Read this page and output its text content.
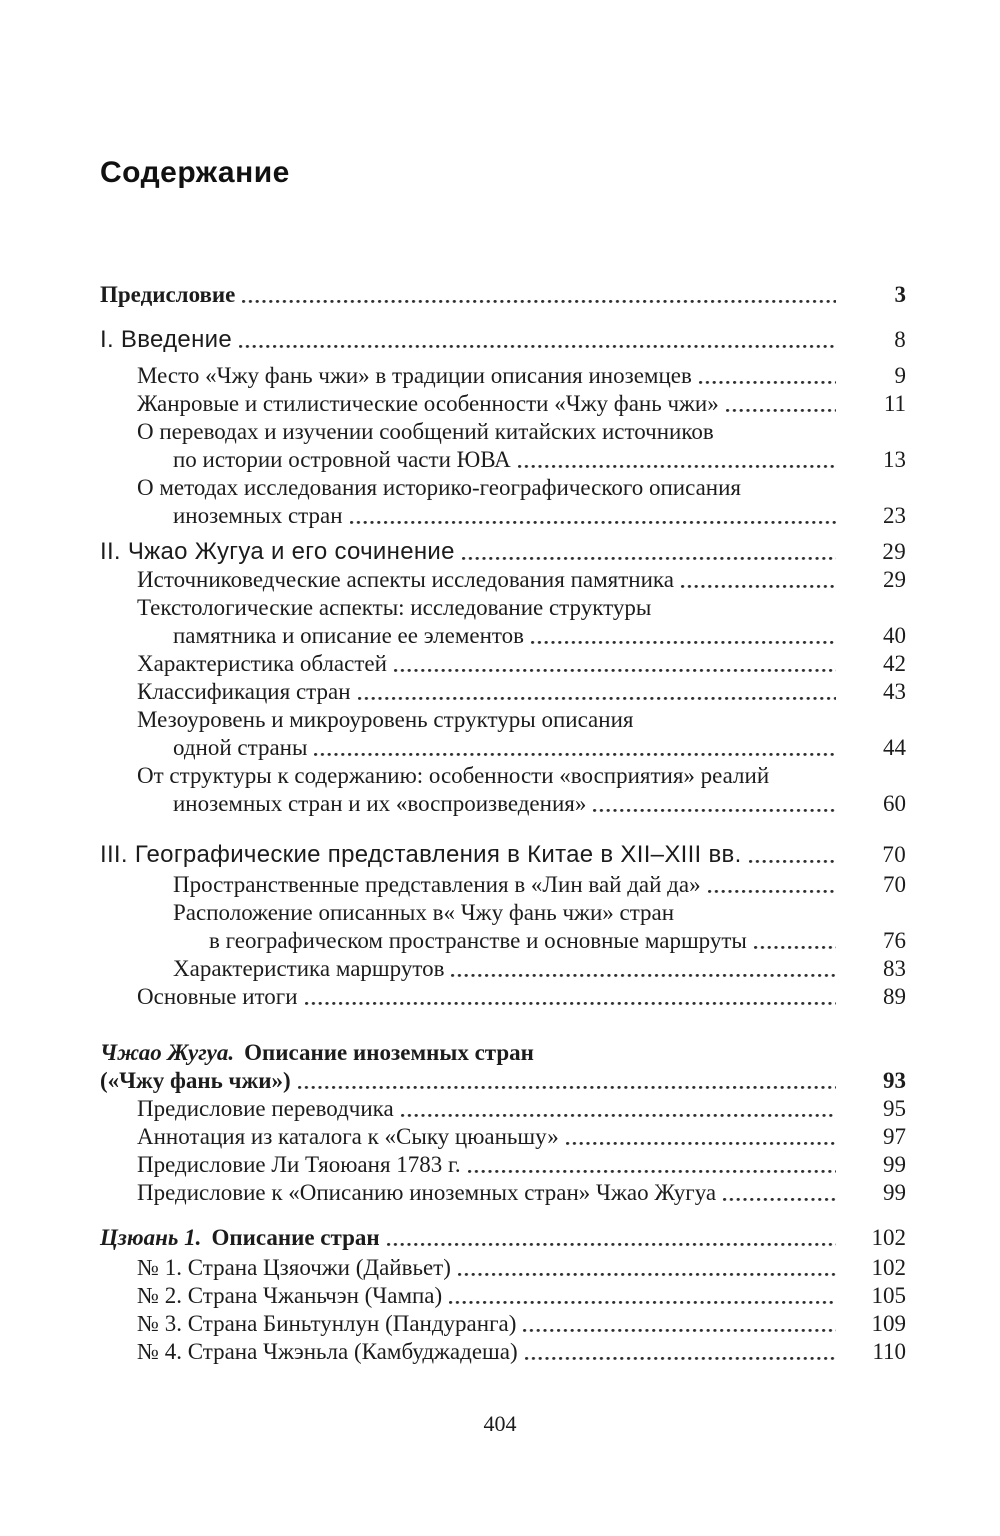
Содержание
Предисловие	3
I. Введение	8
Место «Чжу фань чжи» в традиции описания иноземцев	9
Жанровые и стилистические особенности «Чжу фань чжи»	11
О переводах и изучении сообщений китайских источников
по истории островной части ЮВА	13
О методах исследования историко-географического описания
иноземных стран	23
II. Чжао Жугуа и его сочинение	29
Источниковедческие аспекты исследования памятника	29
Текстологические аспекты: исследование структуры
памятника и описание ее элементов	40
Характеристика областей	42
Классификация стран	43
Мезоуровень и микроуровень структуры описания
одной страны	44
От структуры к содержанию: особенности «восприятия» реалий
иноземных стран и их «воспроизведения»	60
III. Географические представления в Китае в XII–XIII вв.	70
Пространственные представления в «Лин вай дай да»	70
Расположение описанных в« Чжу фань чжи» стран
в географическом пространстве и основные маршруты	76
Характеристика маршрутов	83
Основные итоги	89
Чжао Жугуа. Описание иноземных стран
(«Чжу фань чжи»)	93
Предисловие переводчика	95
Аннотация из каталога к «Сыку цюаньшу»	97
Предисловие Ли Тяоюаня 1783 г.	99
Предисловие к «Описанию иноземных стран» Чжао Жугуа	99
Цзюань 1. Описание стран	102
№ 1. Страна Цзяочжи (Дайвьет)	102
№ 2. Страна Чжаньчэн (Чампа)	105
№ 3. Страна Биньтунлун (Пандуранга)	109
№ 4. Страна Чжэньла (Камбуджадеша)	110
404
